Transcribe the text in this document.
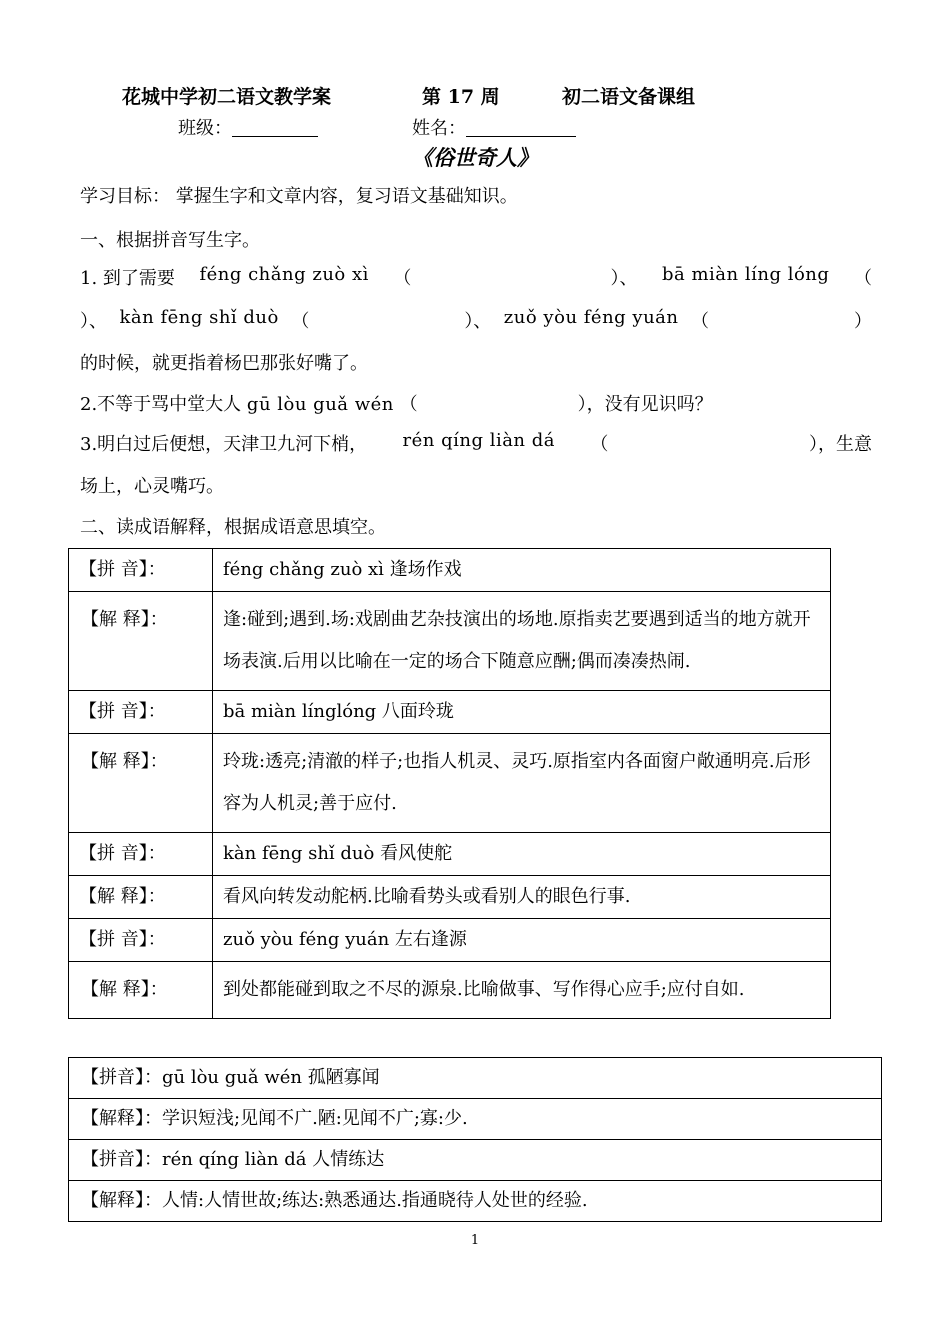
花城中学初二语文教学案	第 17 周	初二语文备课组
班级：	姓名：
《俗世奇人》
学习目标： 掌握生字和文章内容，复习语文基础知识。
一、根据拼音写生字。
1. 到了需要 féng chǎng zuò xì （	）、 bā miàn líng lóng （
）、 kàn fēng shǐ duò （	）、 zuǒ yòu féng yuán （	）
的时候，就更指着杨巴那张好嘴了。
2.不等于骂中堂大人 gū lòu guǎ wén （	），没有见识吗？
3.明白过后便想，天津卫九河下梢， rén qíng liàn dá （	），生意
场上，心灵嘴巧。
二、读成语解释，根据成语意思填空。
【拼 音】：	féng chǎng zuò xì 逢场作戏
【解 释】：	逢:碰到;遇到.场:戏剧曲艺杂技演出的场地.原指卖艺要遇到适当的地方就开场表演.后用以比喻在一定的场合下随意应酬;偶而凑凑热闹.
【拼 音】：	bā miàn línglóng 八面玲珑
【解 释】：	玲珑:透亮;清澈的样子;也指人机灵、灵巧.原指室内各面窗户敞通明亮.后形容为人机灵;善于应付.
【拼 音】：	kàn fēng shǐ duò 看风使舵
【解 释】：	看风向转发动舵柄.比喻看势头或看别人的眼色行事.
【拼 音】：	zuǒ yòu féng yuán 左右逢源
【解 释】：	到处都能碰到取之不尽的源泉.比喻做事、写作得心应手;应付自如.
【拼音】：gū lòu guǎ wén 孤陋寡闻
【解释】：学识短浅;见闻不广.陋:见闻不广;寡:少.
【拼音】：rén qíng liàn dá 人情练达
【解释】：人情:人情世故;练达:熟悉通达.指通晓待人处世的经验.
1
